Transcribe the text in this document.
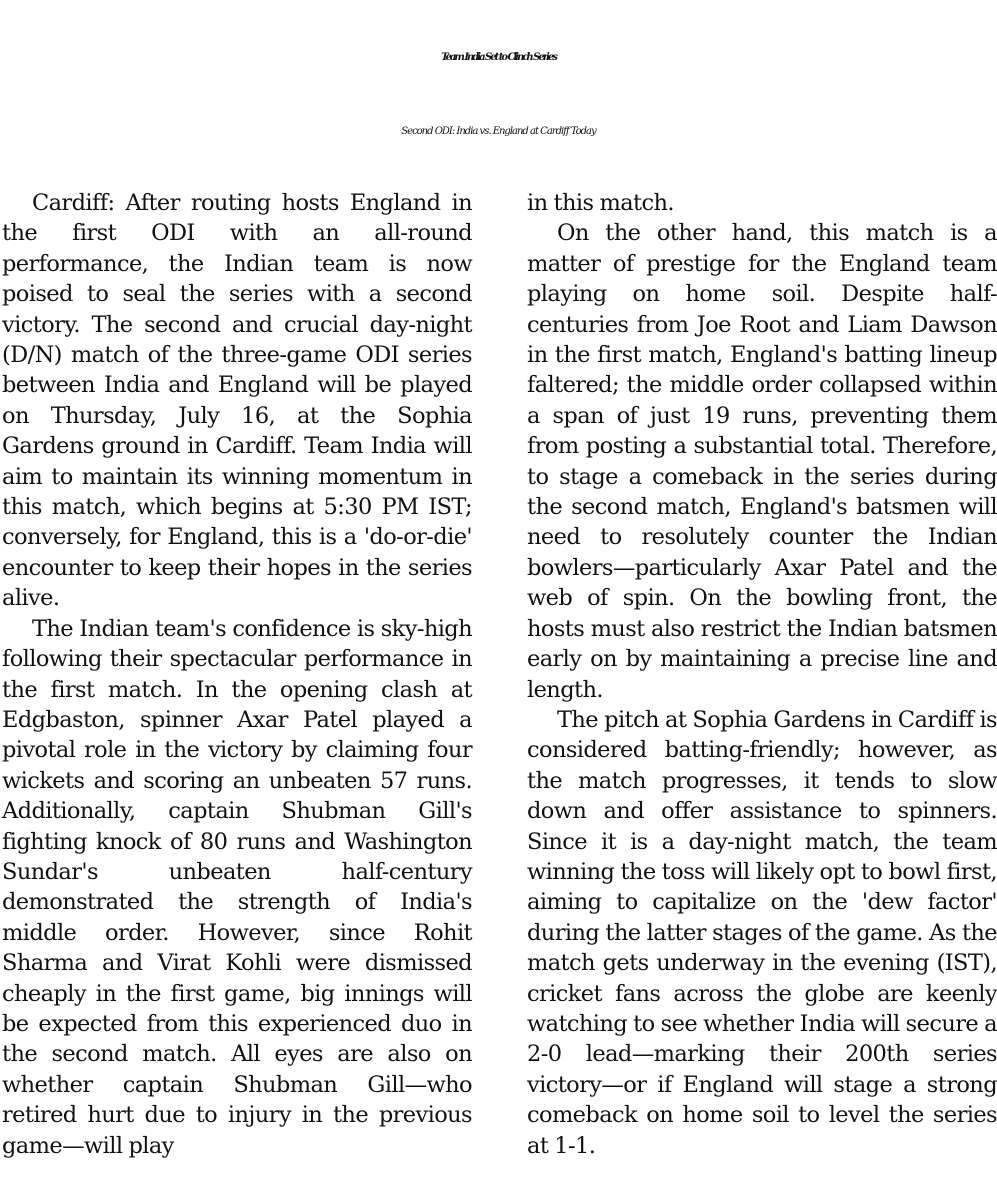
Team India Set to Clinch Series
Second ODI: India vs. England at Cardiff Today

Cardiff: After routing hosts England in the first ODI with an all-round performance, the Indian team is now poised to seal the series with a second victory. The second and crucial day-night (D/N) match of the three-game ODI series between India and England will be played on Thursday, July 16, at the Sophia Gardens ground in Cardiff. Team India will aim to maintain its winning momentum in this match, which begins at 5:30 PM IST; conversely, for England, this is a 'do-or-die' encounter to keep their hopes in the series alive.

The Indian team's confidence is sky-high following their spectacular performance in the first match. In the opening clash at Edgbaston, spinner Axar Patel played a pivotal role in the victory by claiming four wickets and scoring an unbeaten 57 runs. Additionally, captain Shubman Gill's fighting knock of 80 runs and Washington Sundar's unbeaten half-century demonstrated the strength of India's middle order. However, since Rohit Sharma and Virat Kohli were dismissed cheaply in the first game, big innings will be expected from this experienced duo in the second match. All eyes are also on whether captain Shubman Gill—who retired hurt due to injury in the previous game—will play

in this match.

On the other hand, this match is a matter of prestige for the England team playing on home soil. Despite half-centuries from Joe Root and Liam Dawson in the first match, England's batting lineup faltered; the middle order collapsed within a span of just 19 runs, preventing them from posting a substantial total. Therefore, to stage a comeback in the series during the second match, England's batsmen will need to resolutely counter the Indian bowlers—particularly Axar Patel and the web of spin. On the bowling front, the hosts must also restrict the Indian batsmen early on by maintaining a precise line and length.

The pitch at Sophia Gardens in Cardiff is considered batting-friendly; however, as the match progresses, it tends to slow down and offer assistance to spinners. Since it is a day-night match, the team winning the toss will likely opt to bowl first, aiming to capitalize on the 'dew factor' during the latter stages of the game. As the match gets underway in the evening (IST), cricket fans across the globe are keenly watching to see whether India will secure a 2-0 lead—marking their 200th series victory—or if England will stage a strong comeback on home soil to level the series at 1-1.
